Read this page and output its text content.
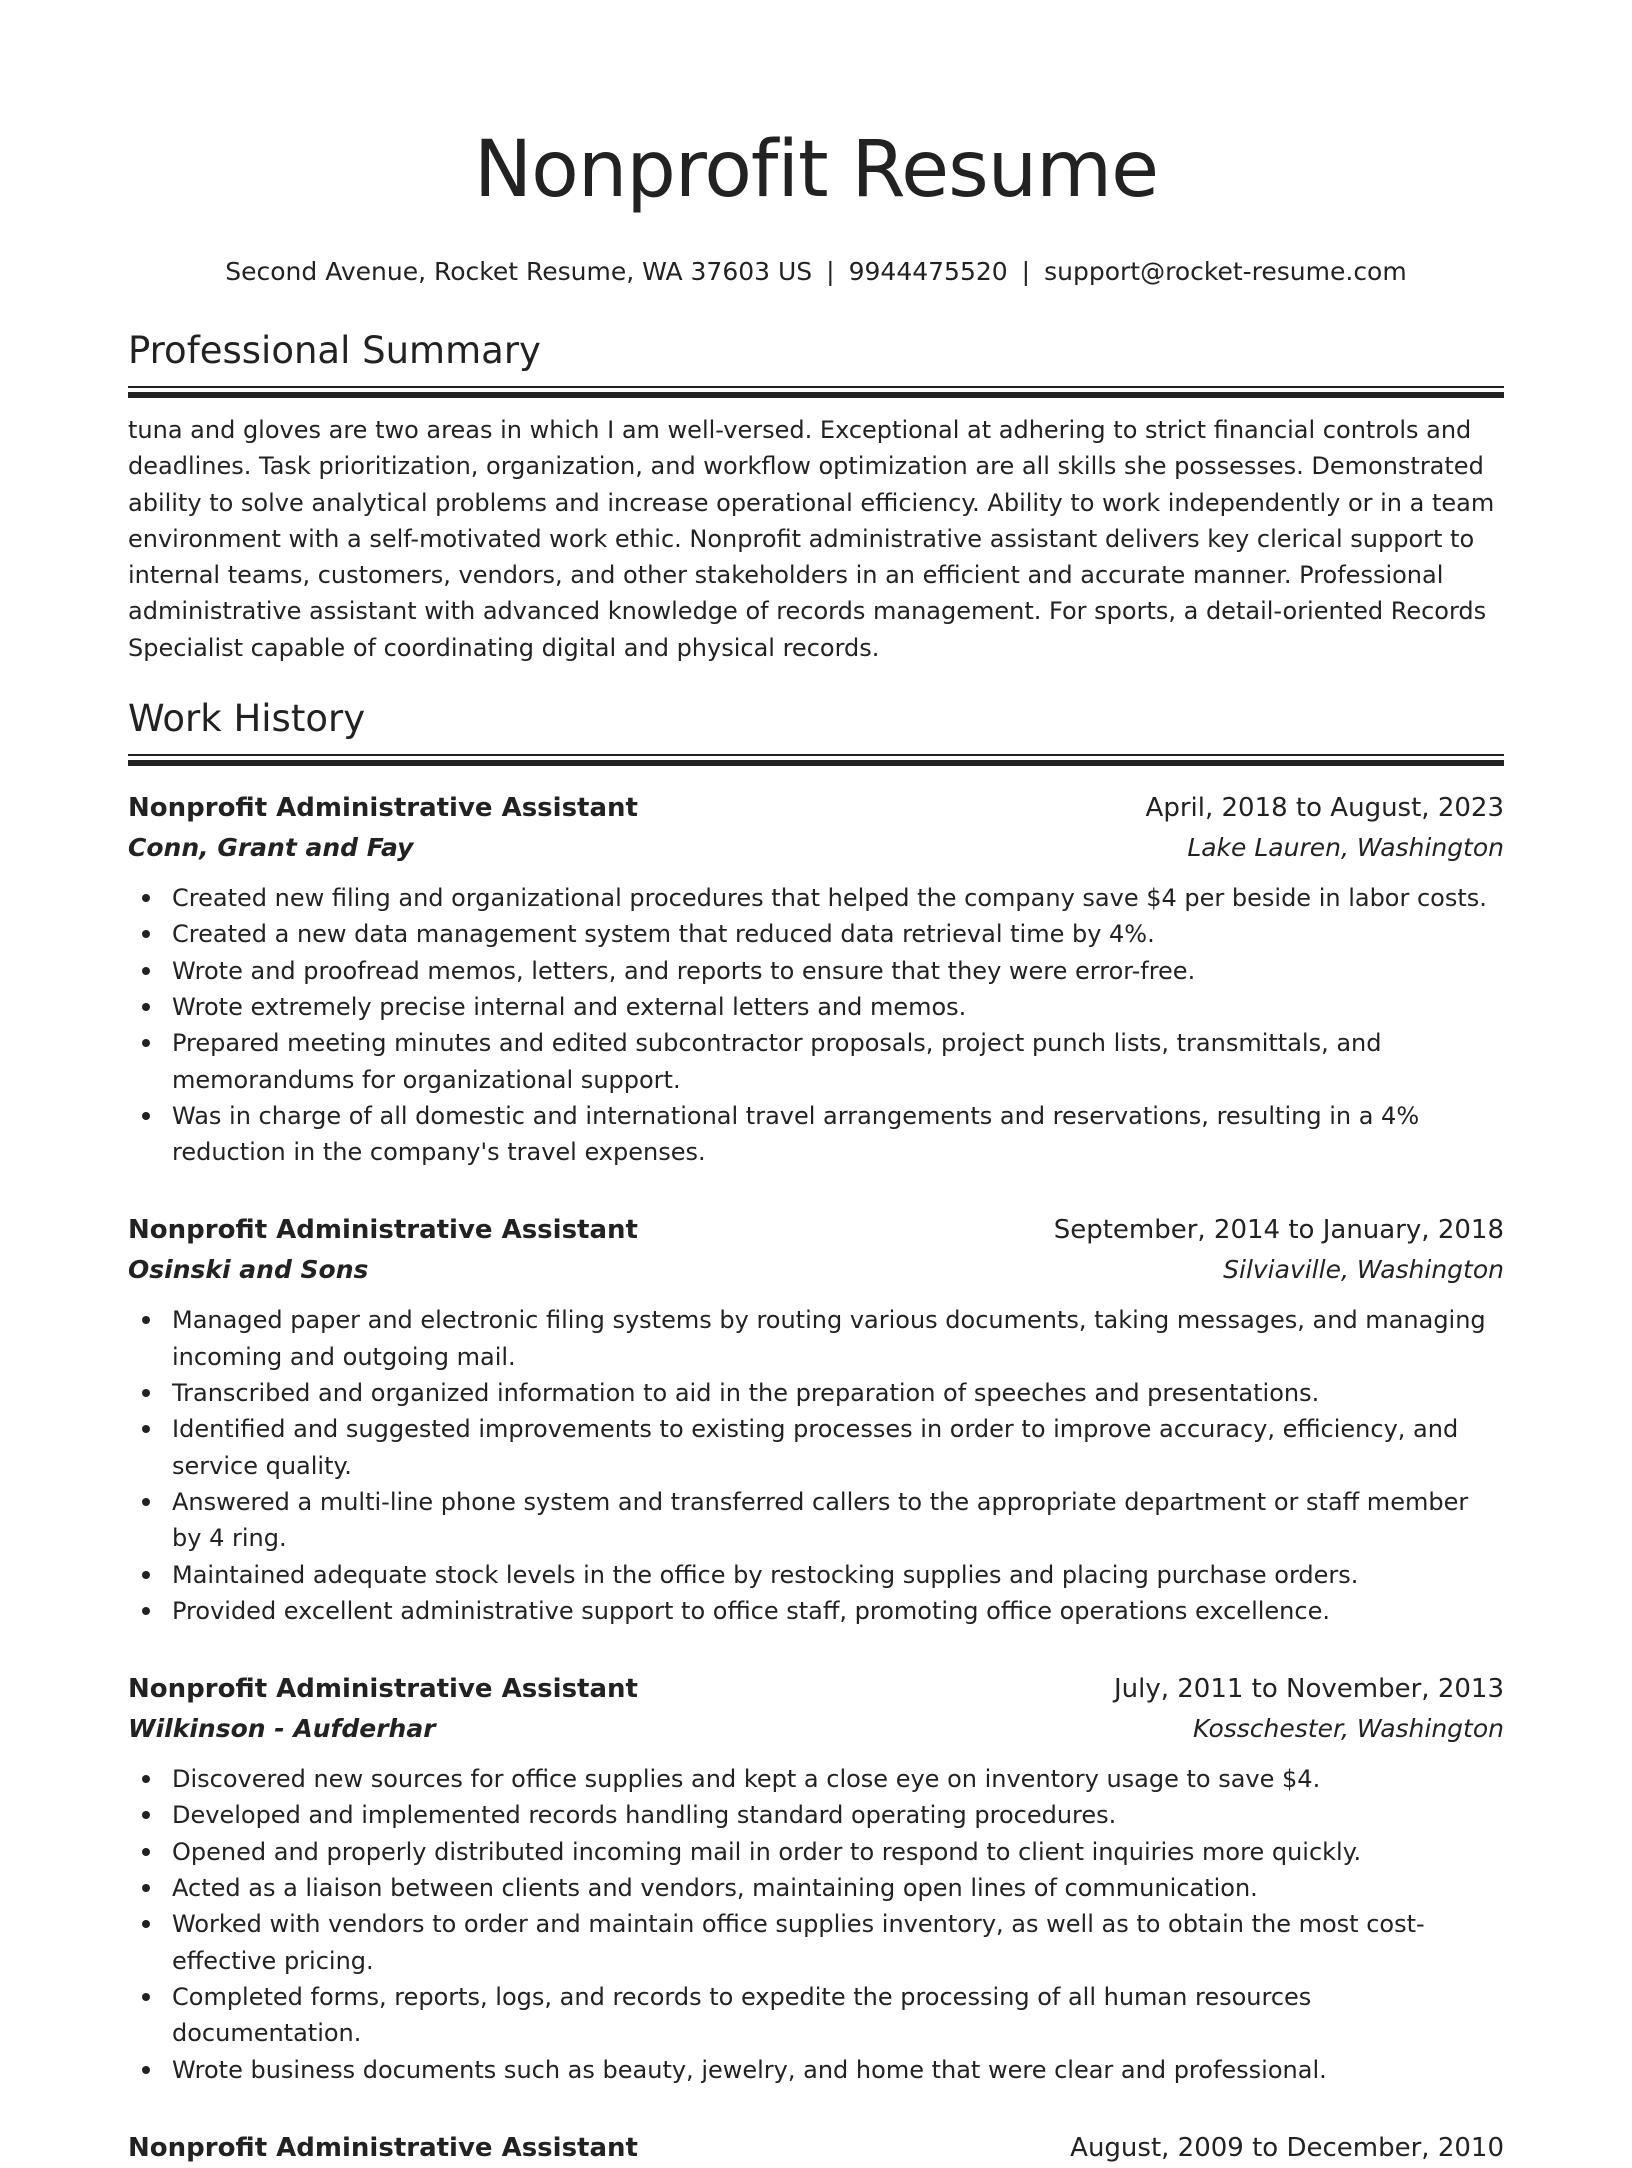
Nonprofit Resume
Second Avenue, Rocket Resume, WA 37603 US | 9944475520 | support@rocket-resume.com
Professional Summary

tuna and gloves are two areas in which I am well-versed. Exceptional at adhering to strict financial controls and deadlines. Task prioritization, organization, and workflow optimization are all skills she possesses. Demonstrated ability to solve analytical problems and increase operational efficiency. Ability to work independently or in a team environment with a self-motivated work ethic. Nonprofit administrative assistant delivers key clerical support to internal teams, customers, vendors, and other stakeholders in an efficient and accurate manner. Professional administrative assistant with advanced knowledge of records management. For sports, a detail-oriented Records Specialist capable of coordinating digital and physical records.

Work History
Nonprofit Administrative Assistant	April, 2018 to August, 2023
Conn, Grant and Fay	Lake Lauren, Washington
Created new filing and organizational procedures that helped the company save $4 per beside in labor costs.
Created a new data management system that reduced data retrieval time by 4%.
Wrote and proofread memos, letters, and reports to ensure that they were error-free.
Wrote extremely precise internal and external letters and memos.
Prepared meeting minutes and edited subcontractor proposals, project punch lists, transmittals, and memorandums for organizational support.
Was in charge of all domestic and international travel arrangements and reservations, resulting in a 4% reduction in the company's travel expenses.
Nonprofit Administrative Assistant	September, 2014 to January, 2018
Osinski and Sons	Silviaville, Washington
Managed paper and electronic filing systems by routing various documents, taking messages, and managing incoming and outgoing mail.
Transcribed and organized information to aid in the preparation of speeches and presentations.
Identified and suggested improvements to existing processes in order to improve accuracy, efficiency, and service quality.
Answered a multi-line phone system and transferred callers to the appropriate department or staff member by 4 ring.
Maintained adequate stock levels in the office by restocking supplies and placing purchase orders.
Provided excellent administrative support to office staff, promoting office operations excellence.
Nonprofit Administrative Assistant	July, 2011 to November, 2013
Wilkinson - Aufderhar	Kosschester, Washington
Discovered new sources for office supplies and kept a close eye on inventory usage to save $4.
Developed and implemented records handling standard operating procedures.
Opened and properly distributed incoming mail in order to respond to client inquiries more quickly.
Acted as a liaison between clients and vendors, maintaining open lines of communication.
Worked with vendors to order and maintain office supplies inventory, as well as to obtain the most cost-effective pricing.
Completed forms, reports, logs, and records to expedite the processing of all human resources documentation.
Wrote business documents such as beauty, jewelry, and home that were clear and professional.
Nonprofit Administrative Assistant	August, 2009 to December, 2010
